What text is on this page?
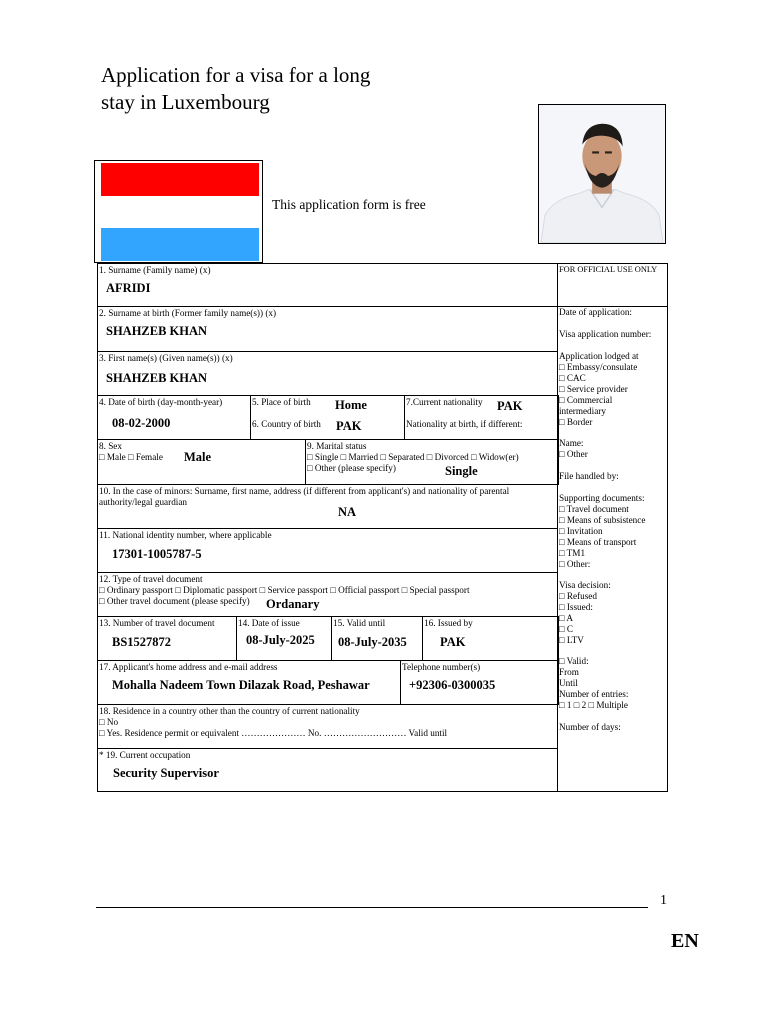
Application for a visa for a long
stay in Luxembourg
This application form is free
1. Surname (Family name) (x)
AFRIDI
2. Surname at birth (Former family name(s)) (x)
SHAHZEB KHAN
3. First name(s) (Given name(s)) (x)
SHAHZEB KHAN
4. Date of birth (day-month-year)
08-02-2000
5. Place of birth Home
6. Country of birth PAK
7.Current nationality PAK
Nationality at birth, if different:
8. Sex
□ Male □ Female Male
9. Marital status
□ Single □ Married □ Separated □ Divorced □ Widow(er)
□ Other (please specify)	Single
10. In the case of minors: Surname, first name, address (if different from applicant's) and nationality of parental
authority/legal guardian
NA
11. National identity number, where applicable
17301-1005787-5
12. Type of travel document
□ Ordinary passport □ Diplomatic passport □ Service passport □ Official passport □ Special passport
□ Other travel document (please specify) Ordanary
13. Number of travel document
BS1527872
14. Date of issue
08-July-2025
15. Valid until
08-July-2035
16. Issued by
PAK
17. Applicant's home address and e-mail address
Mohalla Nadeem Town Dilazak Road, Peshawar
Telephone number(s)
+92306-0300035
18. Residence in a country other than the country of current nationality
□ No
□ Yes. Residence permit or equivalent ………………… No. ……………………… Valid until
* 19. Current occupation
Security Supervisor
FOR OFFICIAL USE ONLY
Date of application:
Visa application number:
Application lodged at
□ Embassy/consulate
□ CAC
□ Service provider
□ Commercial
intermediary
□ Border
Name:
□ Other
File handled by:
Supporting documents:
□ Travel document
□ Means of subsistence
□ Invitation
□ Means of transport
□ TM1
□ Other:
Visa decision:
□ Refused
□ Issued:
□ A
□ C
□ LTV
□ Valid:
From
Until
Number of entries:
□ 1 □ 2 □ Multiple
Number of days:
1
EN
